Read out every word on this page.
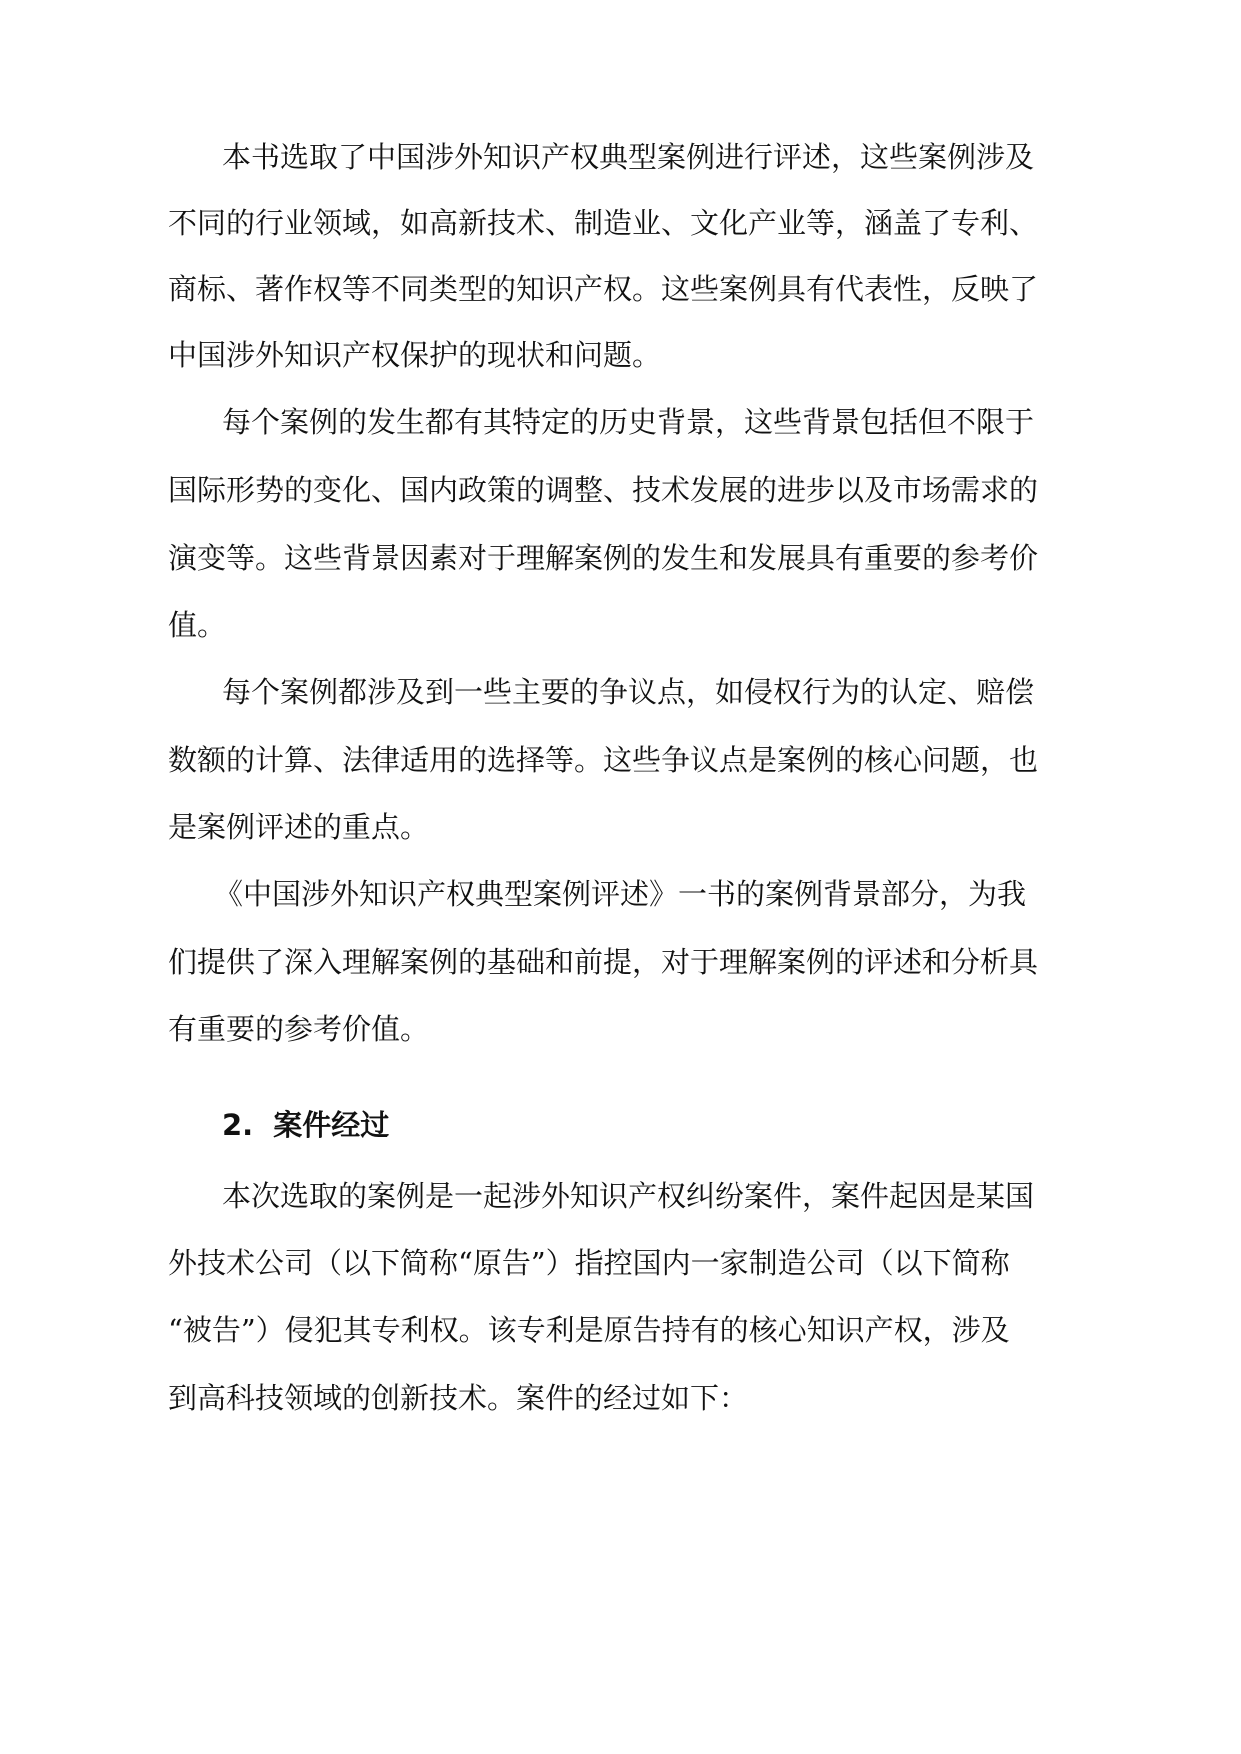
本书选取了中国涉外知识产权典型案例进行评述，这些案例涉及

不同的行业领域，如高新技术、制造业、文化产业等，涵盖了专利、

商标、著作权等不同类型的知识产权。这些案例具有代表性，反映了

中国涉外知识产权保护的现状和问题。

每个案例的发生都有其特定的历史背景，这些背景包括但不限于

国际形势的变化、国内政策的调整、技术发展的进步以及市场需求的

演变等。这些背景因素对于理解案例的发生和发展具有重要的参考价

值。

每个案例都涉及到一些主要的争议点，如侵权行为的认定、赔偿

数额的计算、法律适用的选择等。这些争议点是案例的核心问题，也

是案例评述的重点。

《中国涉外知识产权典型案例评述》一书的案例背景部分，为我

们提供了深入理解案例的基础和前提，对于理解案例的评述和分析具

有重要的参考价值。

2. 案件经过

本次选取的案例是一起涉外知识产权纠纷案件，案件起因是某国

外技术公司（以下简称“原告”）指控国内一家制造公司（以下简称

“被告”）侵犯其专利权。该专利是原告持有的核心知识产权，涉及

到高科技领域的创新技术。案件的经过如下：
